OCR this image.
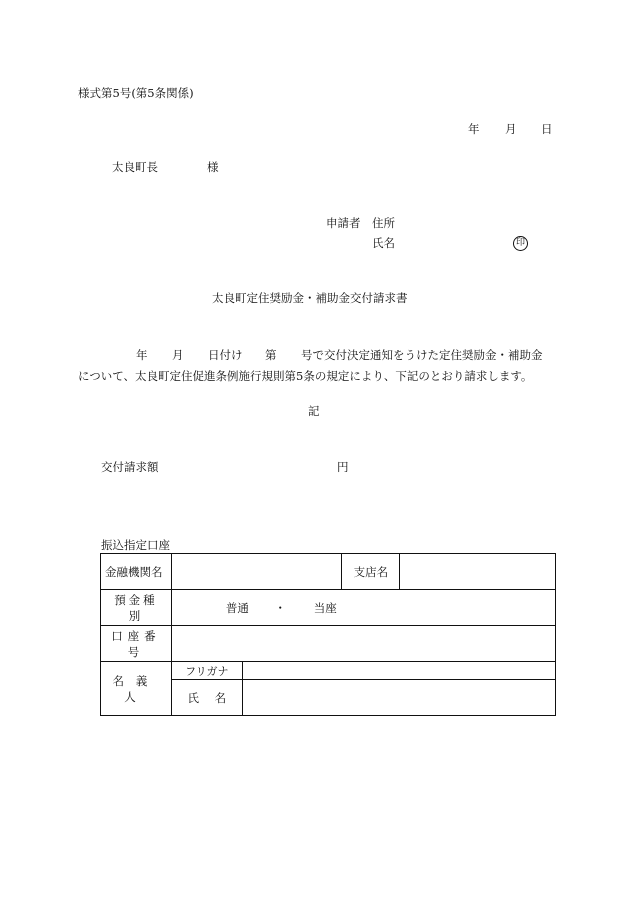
様式第5号(第5条関係)
年 月 日
太良町長	様
申請者 住所
氏名	印
太良町定住奨励金・補助金交付請求書
年 月 日付け 第 号で交付決定通知をうけた定住奨励金・補助金
について、太良町定住促進条例施行規則第5条の規定により、下記のとおり請求します。
記
交付請求額	円
振込指定口座
金融機関名			支店名	
預金種別	普通 ・ 当座			
口座番号				
名義人	フリガナ			
	氏 名			
